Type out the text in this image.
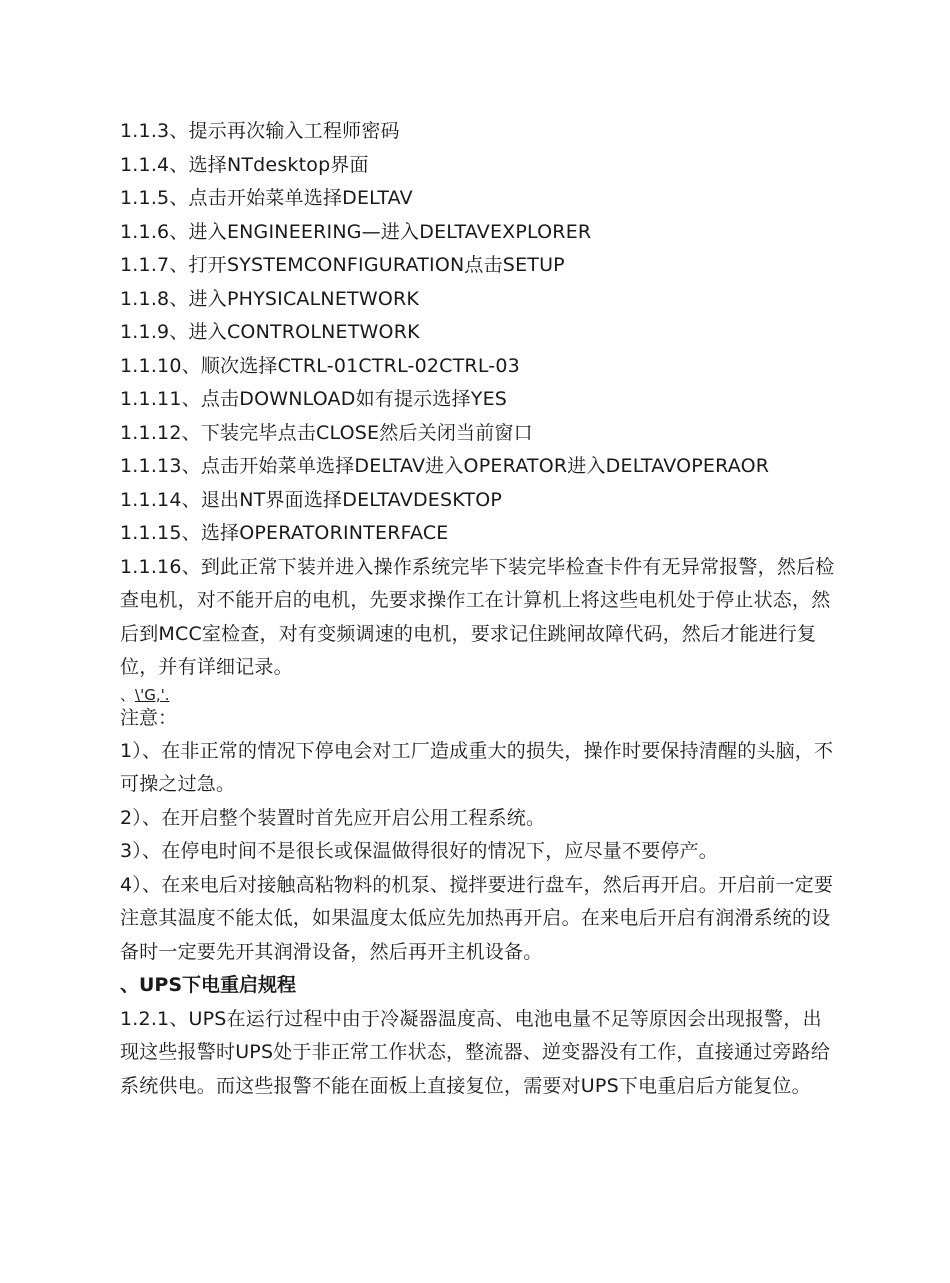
1.1.3、提示再次输入工程师密码
1.1.4、选择NTdesktop界面
1.1.5、点击开始菜单选择DELTAV
1.1.6、进入ENGINEERING—进入DELTAVEXPLORER
1.1.7、打开SYSTEMCONFIGURATION点击SETUP
1.1.8、进入PHYSICALNETWORK
1.1.9、进入CONTROLNETWORK
1.1.10、顺次选择CTRL-01CTRL-02CTRL-03
1.1.11、点击DOWNLOAD如有提示选择YES
1.1.12、下装完毕点击CLOSE然后关闭当前窗口
1.1.13、点击开始菜单选择DELTAV进入OPERATOR进入DELTAVOPERAOR
1.1.14、退出NT界面选择DELTAVDESKTOP
1.1.15、选择OPERATORINTERFACE
1.1.16、到此正常下装并进入操作系统完毕下装完毕检查卡件有无异常报警，然后检查电机，对不能开启的电机，先要求操作工在计算机上将这些电机处于停止状态，然后到MCC室检查，对有变频调速的电机，要求记住跳闸故障代码，然后才能进行复位，并有详细记录。
、\'G,'.
注意：
1）、在非正常的情况下停电会对工厂造成重大的损失，操作时要保持清醒的头脑，不可操之过急。
2）、在开启整个装置时首先应开启公用工程系统。
3）、在停电时间不是很长或保温做得很好的情况下，应尽量不要停产。
4）、在来电后对接触高粘物料的机泵、搅拌要进行盘车，然后再开启。开启前一定要注意其温度不能太低，如果温度太低应先加热再开启。在来电后开启有润滑系统的设备时一定要先开其润滑设备，然后再开主机设备。
、UPS下电重启规程
1.2.1、UPS在运行过程中由于冷凝器温度高、电池电量不足等原因会出现报警，出现这些报警时UPS处于非正常工作状态，整流器、逆变器没有工作，直接通过旁路给系统供电。而这些报警不能在面板上直接复位，需要对UPS下电重启后方能复位。
